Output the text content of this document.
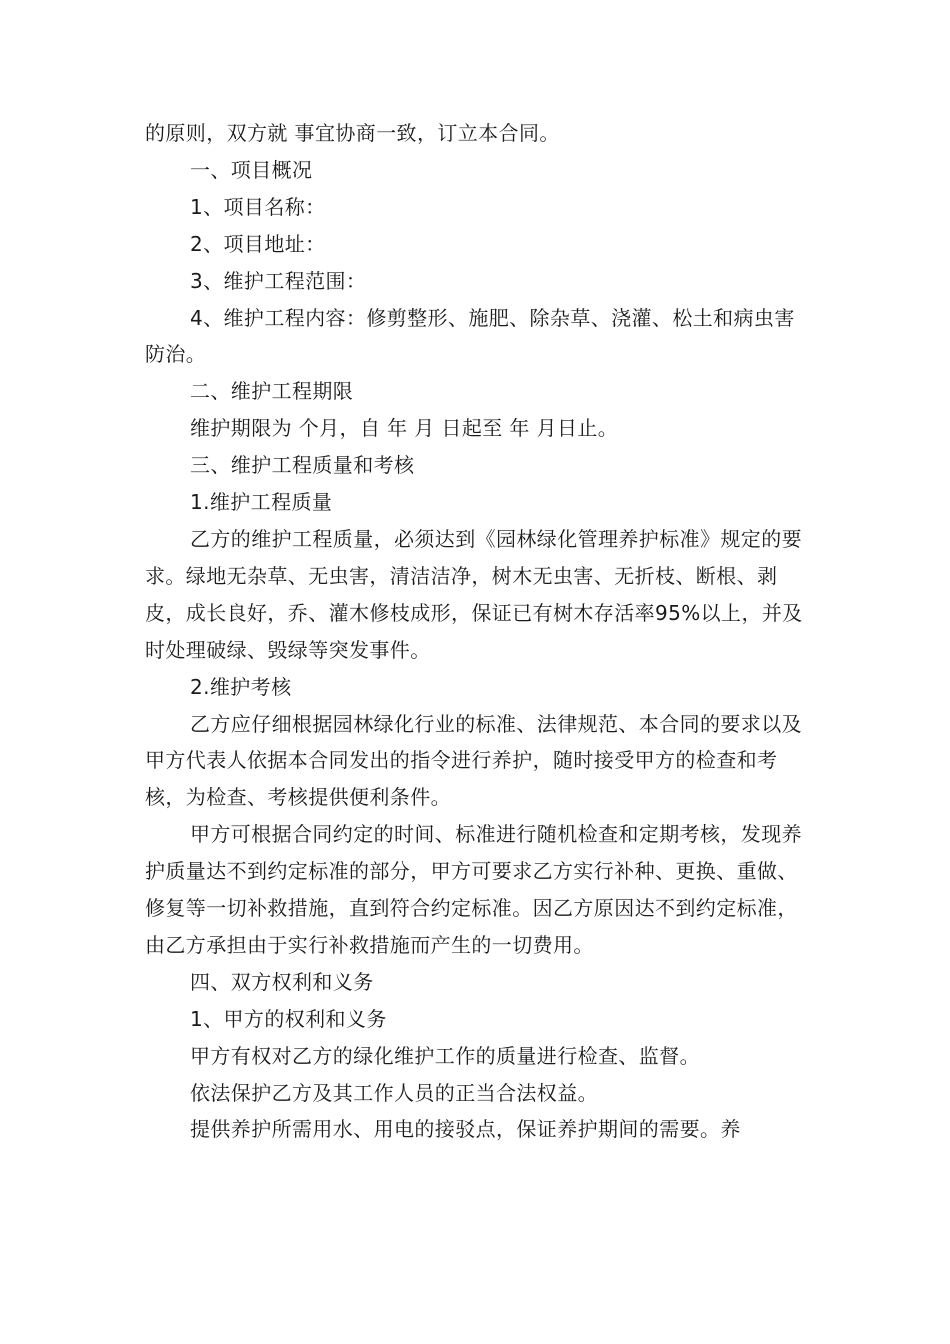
的原则，双方就 事宜协商一致，订立本合同。

一、项目概况

1、项目名称：

2、项目地址：

3、维护工程范围：

4、维护工程内容：修剪整形、施肥、除杂草、浇灌、松土和病虫害防治。

二、维护工程期限

维护期限为 个月，自 年 月 日起至 年 月日止。

三、维护工程质量和考核

1.维护工程质量

乙方的维护工程质量，必须达到《园林绿化管理养护标准》规定的要求。绿地无杂草、无虫害，清洁洁净，树木无虫害、无折枝、断根、剥皮，成长良好，乔、灌木修枝成形，保证已有树木存活率95%以上，并及时处理破绿、毁绿等突发事件。

2.维护考核

乙方应仔细根据园林绿化行业的标准、法律规范、本合同的要求以及甲方代表人依据本合同发出的指令进行养护，随时接受甲方的检查和考核，为检查、考核提供便利条件。

甲方可根据合同约定的时间、标准进行随机检查和定期考核，发现养护质量达不到约定标准的部分，甲方可要求乙方实行补种、更换、重做、修复等一切补救措施，直到符合约定标准。因乙方原因达不到约定标准，由乙方承担由于实行补救措施而产生的一切费用。

四、双方权利和义务

1、甲方的权利和义务

甲方有权对乙方的绿化维护工作的质量进行检查、监督。

依法保护乙方及其工作人员的正当合法权益。

提供养护所需用水、用电的接驳点，保证养护期间的需要。养
